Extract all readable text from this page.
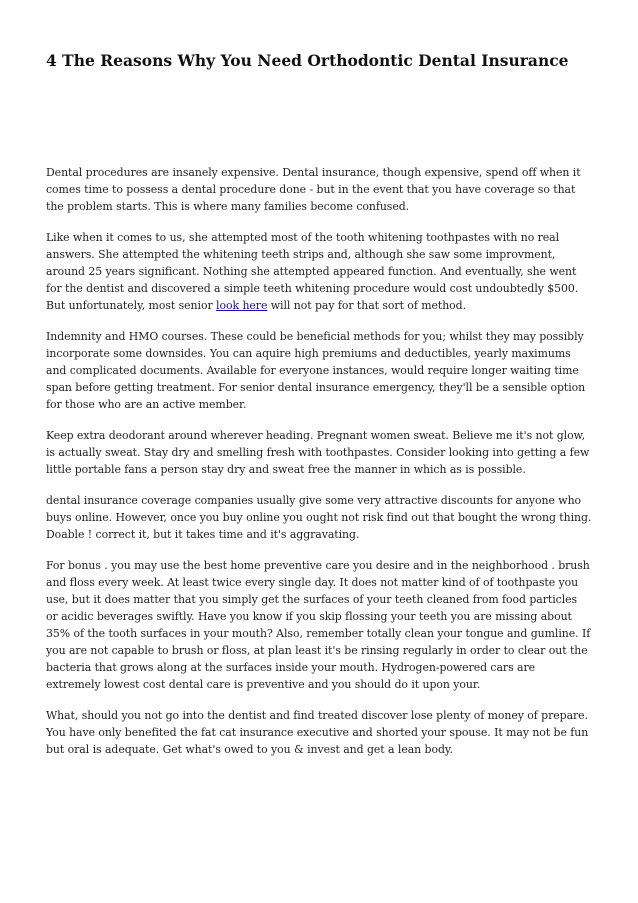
4 The Reasons Why You Need Orthodontic Dental Insurance

Dental procedures are insanely expensive. Dental insurance, though expensive, spend off when it comes time to possess a dental procedure done - but in the event that you have coverage so that the problem starts. This is where many families become confused.

Like when it comes to us, she attempted most of the tooth whitening toothpastes with no real answers. She attempted the whitening teeth strips and, although she saw some improvment, around 25 years significant. Nothing she attempted appeared function. And eventually, she went for the dentist and discovered a simple teeth whitening procedure would cost undoubtedly $500. But unfortunately, most senior look here will not pay for that sort of method.

Indemnity and HMO courses. These could be beneficial methods for you; whilst they may possibly incorporate some downsides. You can aquire high premiums and deductibles, yearly maximums and complicated documents. Available for everyone instances, would require longer waiting time span before getting treatment. For senior dental insurance emergency, they'll be a sensible option for those who are an active member.

Keep extra deodorant around wherever heading. Pregnant women sweat. Believe me it's not glow, is actually sweat. Stay dry and smelling fresh with toothpastes. Consider looking into getting a few little portable fans a person stay dry and sweat free the manner in which as is possible.

dental insurance coverage companies usually give some very attractive discounts for anyone who buys online. However, once you buy online you ought not risk find out that bought the wrong thing. Doable ! correct it, but it takes time and it's aggravating.

For bonus . you may use the best home preventive care you desire and in the neighborhood . brush and floss every week. At least twice every single day. It does not matter kind of of toothpaste you use, but it does matter that you simply get the surfaces of your teeth cleaned from food particles or acidic beverages swiftly. Have you know if you skip flossing your teeth you are missing about 35% of the tooth surfaces in your mouth? Also, remember totally clean your tongue and gumline. If you are not capable to brush or floss, at plan least it's be rinsing regularly in order to clear out the bacteria that grows along at the surfaces inside your mouth. Hydrogen-powered cars are extremely lowest cost dental care is preventive and you should do it upon your.

What, should you not go into the dentist and find treated discover lose plenty of money of prepare. You have only benefited the fat cat insurance executive and shorted your spouse. It may not be fun but oral is adequate. Get what's owed to you & invest and get a lean body.
